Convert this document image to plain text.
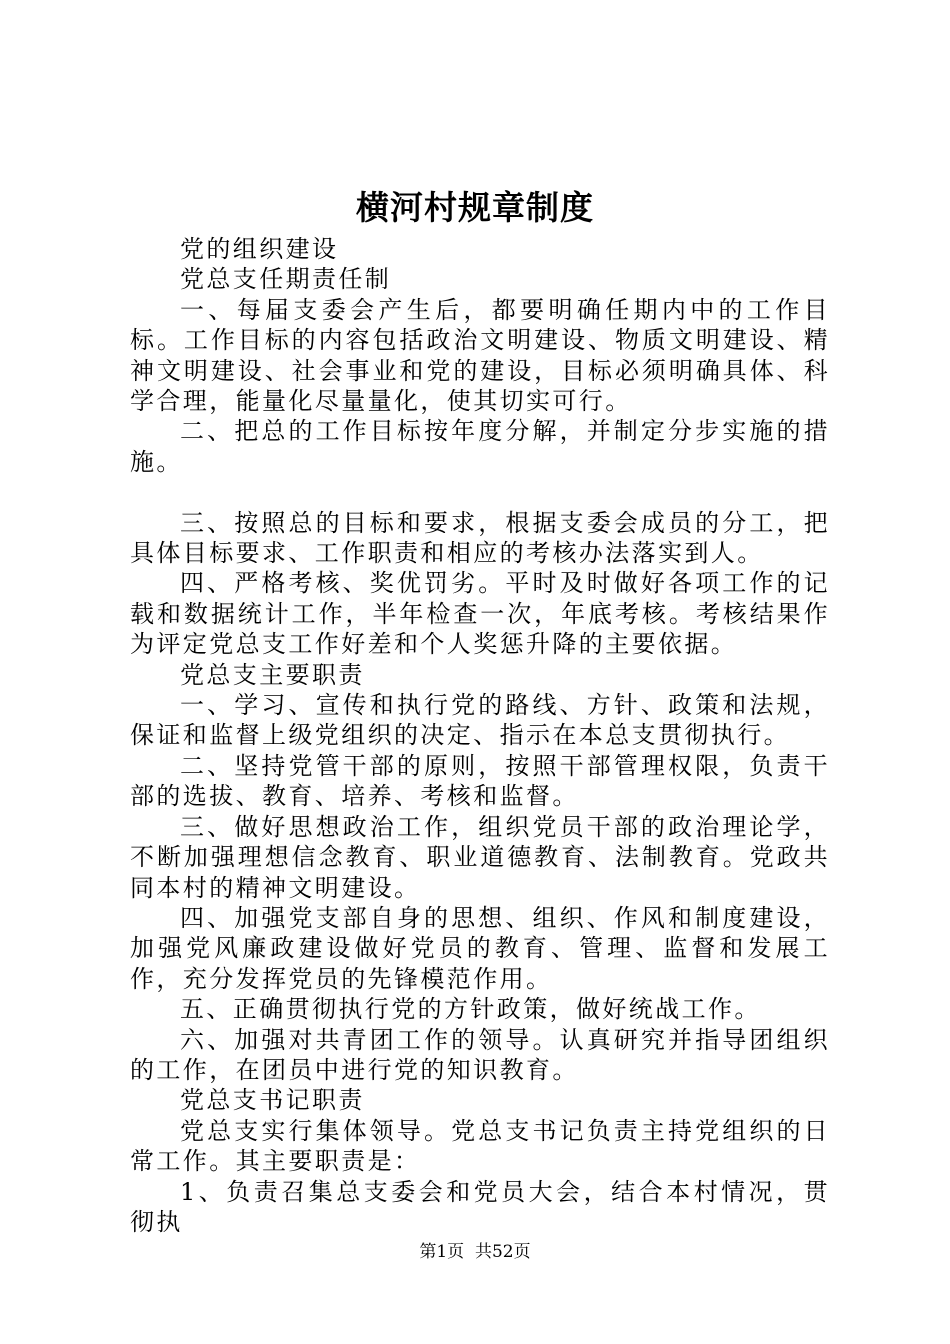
横河村规章制度

党的组织建设

党总支任期责任制

一、每届支委会产生后，都要明确任期内中的工作目标。工作目标的内容包括政治文明建设、物质文明建设、精神文明建设、社会事业和党的建设，目标必须明确具体、科学合理，能量化尽量量化，使其切实可行。

二、把总的工作目标按年度分解，并制定分步实施的措施。

三、按照总的目标和要求，根据支委会成员的分工，把具体目标要求、工作职责和相应的考核办法落实到人。

四、严格考核、奖优罚劣。平时及时做好各项工作的记载和数据统计工作，半年检查一次，年底考核。考核结果作为评定党总支工作好差和个人奖惩升降的主要依据。

党总支主要职责

一、学习、宣传和执行党的路线、方针、政策和法规，保证和监督上级党组织的决定、指示在本总支贯彻执行。

二、坚持党管干部的原则，按照干部管理权限，负责干部的选拔、教育、培养、考核和监督。

三、做好思想政治工作，组织党员干部的政治理论学，不断加强理想信念教育、职业道德教育、法制教育。党政共同本村的精神文明建设。

四、加强党支部自身的思想、组织、作风和制度建设，加强党风廉政建设做好党员的教育、管理、监督和发展工作，充分发挥党员的先锋模范作用。

五、正确贯彻执行党的方针政策，做好统战工作。

六、加强对共青团工作的领导。认真研究并指导团组织的工作，在团员中进行党的知识教育。

党总支书记职责

党总支实行集体领导。党总支书记负责主持党组织的日常工作。其主要职责是：

1、负责召集总支委会和党员大会，结合本村情况，贯彻执

第1页  共52页
